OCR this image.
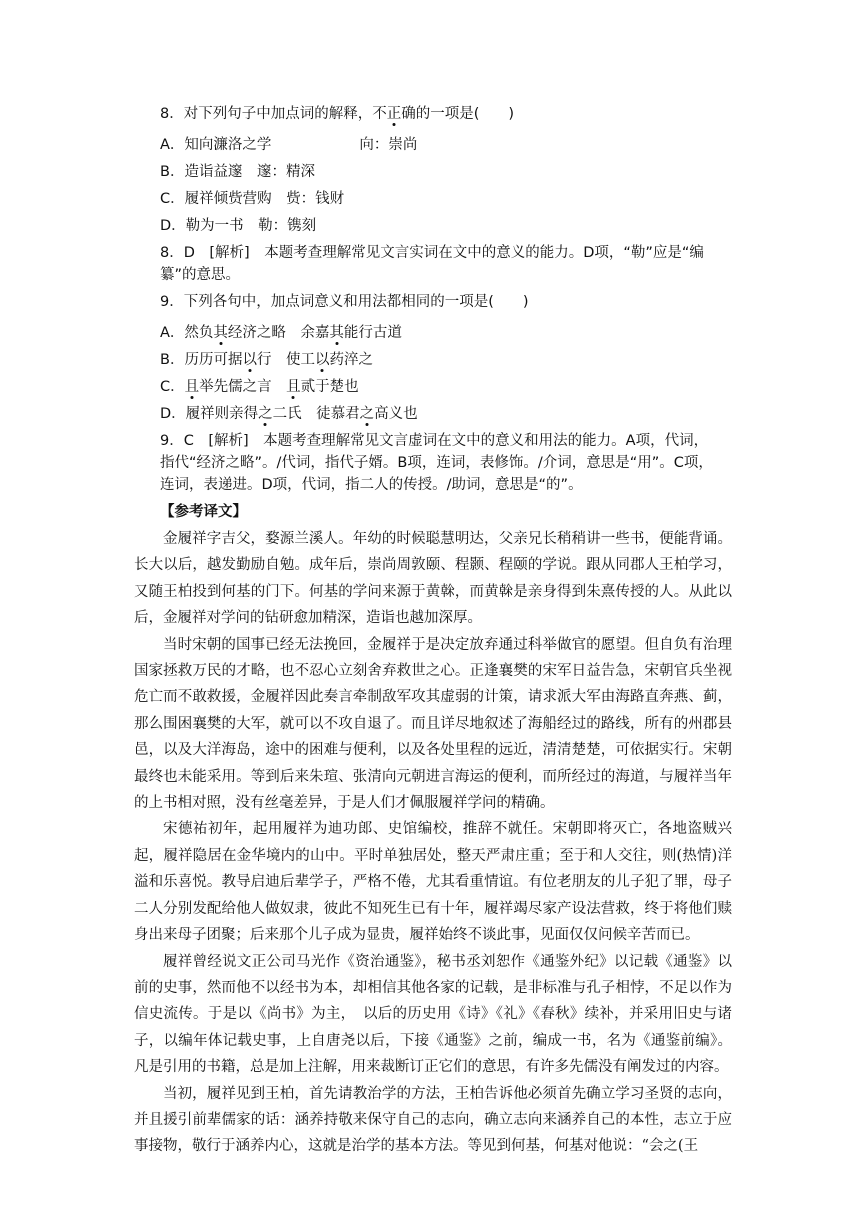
8．对下列句子中加点词的解释，不正确的一项是(　　)
A．知向濂洛之学	向：崇尚
B．造诣益邃　邃：精深
C．履祥倾赀营购　赀：钱财
D．勒为一书　勒：镌刻
8．D　[解析]　本题考查理解常见文言实词在文中的意义的能力。D项，“勒”应是“编
纂”的意思。
9．下列各句中，加点词意义和用法都相同的一项是(　　)
A．然负其经济之略　余嘉其能行古道
B．历历可据以行　使工以药淬之
C．且举先儒之言　且贰于楚也
D．履祥则亲得之二氏　徒慕君之高义也
9．C　[解析]　本题考查理解常见文言虚词在文中的意义和用法的能力。A项，代词，
指代“经济之略”。/代词，指代子婿。B项，连词，表修饰。/介词，意思是“用”。C项，
连词，表递进。D项，代词，指二人的传授。/助词，意思是“的”。
【参考译文】

金履祥字吉父，婺源兰溪人。年幼的时候聪慧明达，父亲兄长稍稍讲一些书，便能背诵。长大以后，越发勤励自勉。成年后，崇尚周敦颐、程颢、程颐的学说。跟从同郡人王柏学习，又随王柏投到何基的门下。何基的学问来源于黄榦，而黄榦是亲身得到朱熹传授的人。从此以后，金履祥对学问的钻研愈加精深，造诣也越加深厚。

当时宋朝的国事已经无法挽回，金履祥于是决定放弃通过科举做官的愿望。但自负有治理国家拯救万民的才略，也不忍心立刻舍弃救世之心。正逢襄樊的宋军日益告急，宋朝官兵坐视危亡而不敢救援，金履祥因此奏言牵制敌军攻其虚弱的计策，请求派大军由海路直奔燕、蓟，那么围困襄樊的大军，就可以不攻自退了。而且详尽地叙述了海船经过的路线，所有的州郡县邑，以及大洋海岛，途中的困难与便利，以及各处里程的远近，清清楚楚，可依据实行。宋朝最终也未能采用。等到后来朱瑄、张清向元朝进言海运的便利，而所经过的海道，与履祥当年的上书相对照，没有丝毫差异，于是人们才佩服履祥学问的精确。

宋德祐初年，起用履祥为迪功郎、史馆编校，推辞不就任。宋朝即将灭亡，各地盗贼兴起，履祥隐居在金华境内的山中。平时单独居处，整天严肃庄重；至于和人交往，则(热情)洋溢和乐喜悦。教导启迪后辈学子，严格不倦，尤其看重情谊。有位老朋友的儿子犯了罪，母子二人分别发配给他人做奴隶，彼此不知死生已有十年，履祥竭尽家产设法营救，终于将他们赎身出来母子团聚；后来那个儿子成为显贵，履祥始终不谈此事，见面仅仅问候辛苦而已。

履祥曾经说文正公司马光作《资治通鉴》，秘书丞刘恕作《通鉴外纪》以记载《通鉴》以前的史事，然而他不以经书为本，却相信其他各家的记载，是非标准与孔子相悖，不足以作为信史流传。于是以《尚书》为主，　以后的历史用《诗》《礼》《春秋》续补，并采用旧史与诸子，以编年体记载史事，上自唐尧以后，下接《通鉴》之前，编成一书，名为《通鉴前编》。凡是引用的书籍，总是加上注解，用来裁断订正它们的意思，有许多先儒没有阐发过的内容。

当初，履祥见到王柏，首先请教治学的方法，王柏告诉他必须首先确立学习圣贤的志向，并且援引前辈儒家的话：涵养持敬来保守自己的志向，确立志向来涵养自己的本性，志立于应事接物，敬行于涵养内心，这就是治学的基本方法。等见到何基，何基对他说：“会之(王
